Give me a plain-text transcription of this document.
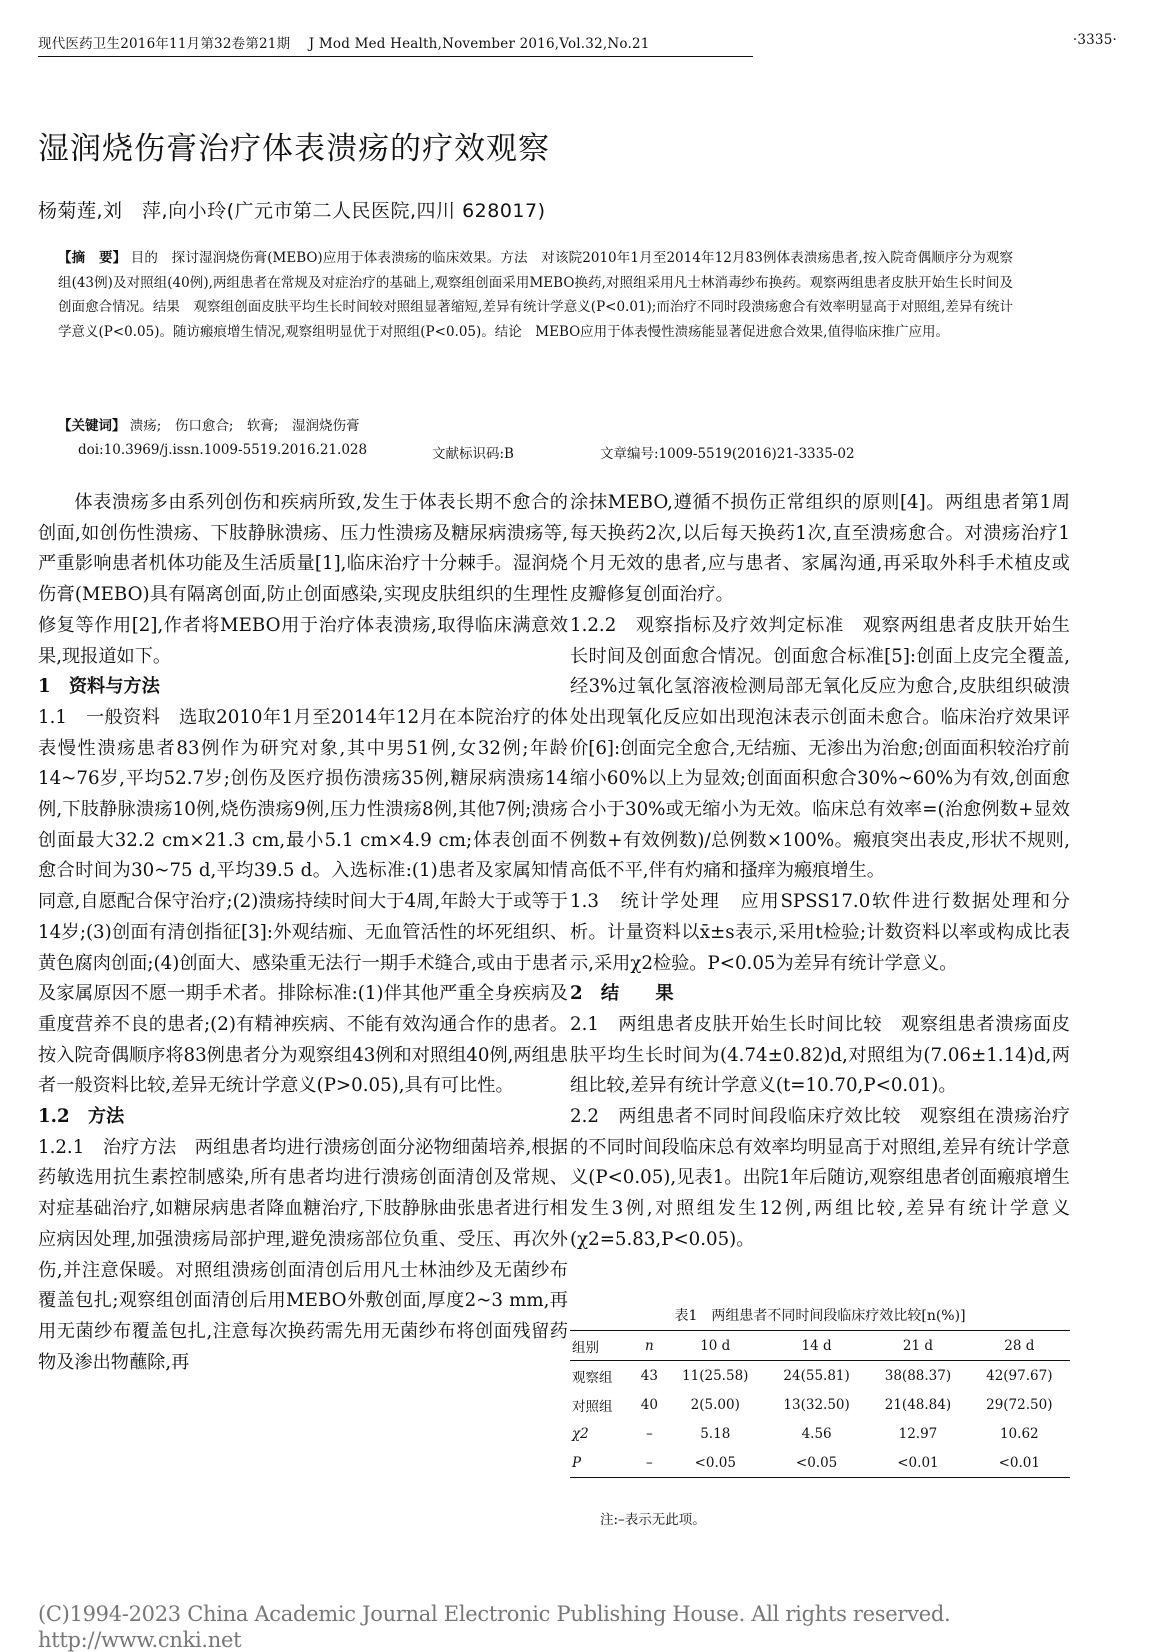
现代医药卫生2016年11月第32卷第21期 J Mod Med Health,November 2016,Vol.32,No.21	·3335·
湿润烧伤膏治疗体表溃疡的疗效观察
杨菊莲,刘　萍,向小玲(广元市第二人民医院,四川 628017)
【摘　要】 目的　探讨湿润烧伤膏(MEBO)应用于体表溃疡的临床效果。方法　对该院2010年1月至2014年12月83例体表溃疡患者,按入院奇偶顺序分为观察组(43例)及对照组(40例),两组患者在常规及对症治疗的基础上,观察组创面采用MEBO换药,对照组采用凡士林消毒纱布换药。观察两组患者皮肤开始生长时间及创面愈合情况。结果　观察组创面皮肤平均生长时间较对照组显著缩短,差异有统计学意义(P<0.01);而治疗不同时段溃疡愈合有效率明显高于对照组,差异有统计学意义(P<0.05)。随访瘢痕增生情况,观察组明显优于对照组(P<0.05)。结论　MEBO应用于体表慢性溃疡能显著促进愈合效果,值得临床推广应用。
【关键词】 溃疡;　伤口愈合;　软膏;　湿润烧伤膏
doi:10.3969/j.issn.1009-5519.2016.21.028	文献标识码:B	文章编号:1009-5519(2016)21-3335-02

体表溃疡多由系列创伤和疾病所致,发生于体表长期不愈合的创面,如创伤性溃疡、下肢静脉溃疡、压力性溃疡及糖尿病溃疡等,严重影响患者机体功能及生活质量[1],临床治疗十分棘手。湿润烧伤膏(MEBO)具有隔离创面,防止创面感染,实现皮肤组织的生理性修复等作用[2],作者将MEBO用于治疗体表溃疡,取得临床满意效果,现报道如下。

1　资料与方法

1.1　一般资料　选取2010年1月至2014年12月在本院治疗的体表慢性溃疡患者83例作为研究对象,其中男51例,女32例;年龄14~76岁,平均52.7岁;创伤及医疗损伤溃疡35例,糖尿病溃疡14例,下肢静脉溃疡10例,烧伤溃疡9例,压力性溃疡8例,其他7例;溃疡创面最大32.2 cm×21.3 cm,最小5.1 cm×4.9 cm;体表创面不愈合时间为30~75 d,平均39.5 d。入选标准:(1)患者及家属知情同意,自愿配合保守治疗;(2)溃疡持续时间大于4周,年龄大于或等于14岁;(3)创面有清创指征[3]:外观结痂、无血管活性的坏死组织、黄色腐肉创面;(4)创面大、感染重无法行一期手术缝合,或由于患者及家属原因不愿一期手术者。排除标准:(1)伴其他严重全身疾病及重度营养不良的患者;(2)有精神疾病、不能有效沟通合作的患者。按入院奇偶顺序将83例患者分为观察组43例和对照组40例,两组患者一般资料比较,差异无统计学意义(P>0.05),具有可比性。

1.2　方法

1.2.1　治疗方法　两组患者均进行溃疡创面分泌物细菌培养,根据药敏选用抗生素控制感染,所有患者均进行溃疡创面清创及常规、对症基础治疗,如糖尿病患者降血糖治疗,下肢静脉曲张患者进行相应病因处理,加强溃疡局部护理,避免溃疡部位负重、受压、再次外伤,并注意保暖。对照组溃疡创面清创后用凡士林油纱及无菌纱布覆盖包扎;观察组创面清创后用MEBO外敷创面,厚度2~3 mm,再用无菌纱布覆盖包扎,注意每次换药需先用无菌纱布将创面残留药物及渗出物蘸除,再

涂抹MEBO,遵循不损伤正常组织的原则[4]。两组患者第1周每天换药2次,以后每天换药1次,直至溃疡愈合。对溃疡治疗1个月无效的患者,应与患者、家属沟通,再采取外科手术植皮或皮瓣修复创面治疗。

1.2.2　观察指标及疗效判定标准　观察两组患者皮肤开始生长时间及创面愈合情况。创面愈合标准[5]:创面上皮完全覆盖,经3%过氧化氢溶液检测局部无氧化反应为愈合,皮肤组织破溃处出现氧化反应如出现泡沫表示创面未愈合。临床治疗效果评价[6]:创面完全愈合,无结痂、无渗出为治愈;创面面积较治疗前缩小60%以上为显效;创面面积愈合30%~60%为有效,创面愈合小于30%或无缩小为无效。临床总有效率=(治愈例数+显效例数+有效例数)/总例数×100%。瘢痕突出表皮,形状不规则,高低不平,伴有灼痛和搔痒为瘢痕增生。

1.3　统计学处理　应用SPSS17.0软件进行数据处理和分析。计量资料以x̄±s表示,采用t检验;计数资料以率或构成比表示,采用χ2检验。P<0.05为差异有统计学意义。

2　结　　果

2.1　两组患者皮肤开始生长时间比较　观察组患者溃疡面皮肤平均生长时间为(4.74±0.82)d,对照组为(7.06±1.14)d,两组比较,差异有统计学意义(t=10.70,P<0.01)。

2.2　两组患者不同时间段临床疗效比较　观察组在溃疡治疗的不同时间段临床总有效率均明显高于对照组,差异有统计学意义(P<0.05),见表1。出院1年后随访,观察组患者创面瘢痕增生发生3例,对照组发生12例,两组比较,差异有统计学意义(χ2=5.83,P<0.05)。

表1　两组患者不同时间段临床疗效比较[n(%)]
组别	n	10 d	14 d	21 d	28 d
观察组	43	11(25.58)	24(55.81)	38(88.37)	42(97.67)
对照组	40	2(5.00)	13(32.50)	21(48.84)	29(72.50)
χ2	–	5.18	4.56	12.97	10.62
P	–	<0.05	<0.05	<0.01	<0.01
注:–表示无此项。
(C)1994-2023 China Academic Journal Electronic Publishing House. All rights reserved.　 http://www.cnki.net
